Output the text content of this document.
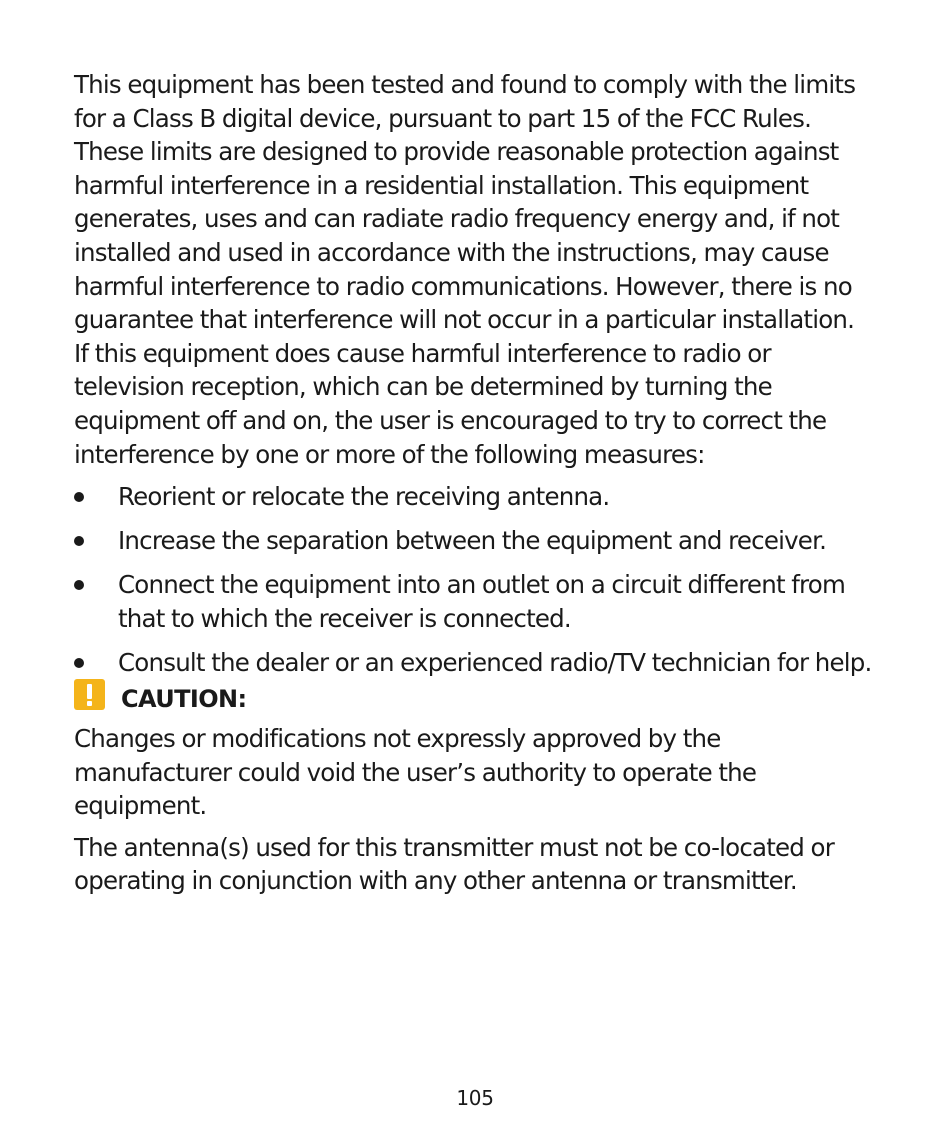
This equipment has been tested and found to comply with the limits for a Class B digital device, pursuant to part 15 of the FCC Rules. These limits are designed to provide reasonable protection against harmful interference in a residential installation. This equipment generates, uses and can radiate radio frequency energy and, if not installed and used in accordance with the instructions, may cause harmful interference to radio communications. However, there is no guarantee that interference will not occur in a particular installation. If this equipment does cause harmful interference to radio or television reception, which can be determined by turning the equipment off and on, the user is encouraged to try to correct the interference by one or more of the following measures:

Reorient or relocate the receiving antenna.
Increase the separation between the equipment and receiver.
Connect the equipment into an outlet on a circuit different from that to which the receiver is connected.
Consult the dealer or an experienced radio/TV technician for help.
CAUTION:

Changes or modifications not expressly approved by the manufacturer could void the user’s authority to operate the equipment.

The antenna(s) used for this transmitter must not be co-located or operating in conjunction with any other antenna or transmitter.

105
